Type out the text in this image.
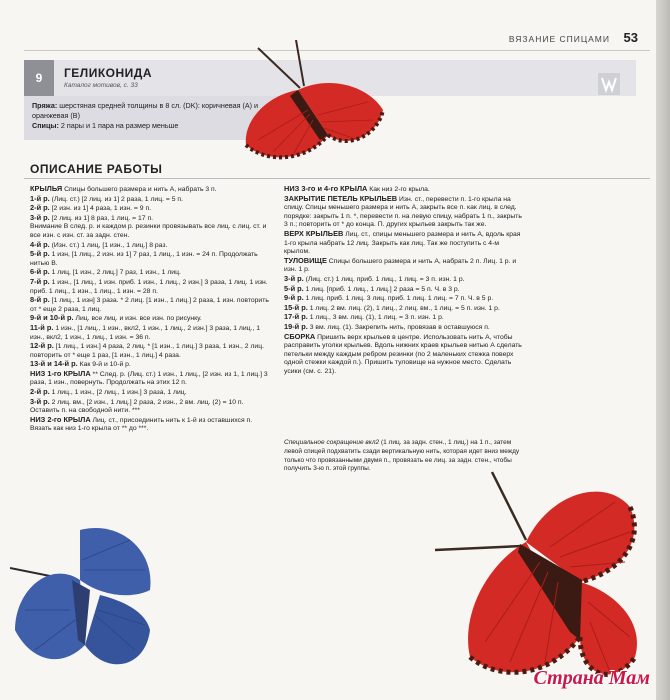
ВЯЗАНИЕ СПИЦАМИ 53
9	ГЕЛИКОНИДА
Каталог мотивов, с. 33
Пряжа: шерстяная средней толщины в 8 сл. (DK): коричневая (А) и оранжевая (В)
Спицы: 2 пары и 1 пара на размер меньше
ОПИСАНИЕ РАБОТЫ

КРЫЛЬЯ Спицы большего размера и нить А, набрать 3 п.

1-й р. (Лиц. ст.) [2 лиц. из 1] 2 раза, 1 лиц. = 5 п.

2-й р. [2 изн. из 1] 4 раза, 1 изн. = 9 п.

3-й р. [2 лиц. из 1] 8 раз, 1 лиц. = 17 п.

Внимание В след. р. и каждом р. резинки провязывать все лиц. с лиц. ст. и все изн. с изн. ст. за задн. стен.

4-й р. (Изн. ст.) 1 лиц, [1 изн., 1 лиц.] 8 раз.

5-й р. 1 изн, [1 лиц., 2 изн. из 1] 7 раз, 1 лиц., 1 изн. = 24 п. Продолжать нитью В.

6-й р. 1 лиц, [1 изн., 2 лиц.] 7 раз, 1 изн., 1 лиц.

7-й р. 1 изн., [1 лиц., 1 изн. приб. 1 изн., 1 лиц., 2 изн.] 3 раза, 1 лиц. 1 изн. приб. 1 лиц., 1 изн., 1 лиц., 1 изн. = 28 п.

8-й р. [1 лиц., 1 изн] 3 раза. * 2 лиц. [1 изн., 1 лиц.] 2 раза, 1 изн. повторить от * еще 2 раза, 1 лиц.

9-й и 10-й р. Лиц. все лиц. и изн. все изн. по рисунку.

11-й р. 1 изн., [1 лиц., 1 изн., вкл2, 1 изн., 1 лиц., 2 изн.] 3 раза, 1 лиц., 1 изн., вкл2, 1 изн., 1 лиц., 1 изн. = 36 п.

12-й р. [1 лиц., 1 изн.] 4 раза, 2 лиц. * [1 изн., 1 лиц.] 3 раза, 1 изн., 2 лиц. повторить от * еще 1 раз, [1 изн., 1 лиц.] 4 раза.

13-й и 14-й р. Как 9-й и 10-й р.

НИЗ 1-го КРЫЛА ** След. р. (Лиц. ст.) 1 изн., 1 лиц., [2 изн. из 1, 1 лиц.] 3 раза, 1 изн., повернуть. Продолжать на этих 12 п.

2-й р. 1 лиц., 1 изн., [2 лиц., 1 изн.] 3 раза, 1 лиц.

3-й р. 2 лиц. вм., [2 изн., 1 лиц.] 2 раза, 2 изн., 2 вм. лиц. (2) = 10 п. Оставить п. на свободной нити. ***

НИЗ 2-го КРЫЛА Лиц. ст., присоединить нить к 1-й из оставшихся п. Вязать как низ 1-го крыла от ** до ***.

НИЗ 3-го и 4-го КРЫЛА Как низ 2-го крыла.

ЗАКРЫТИЕ ПЕТЕЛЬ КРЫЛЬЕВ Изн. ст., перевести п. 1-го крыла на спицу. Спицы меньшего размера и нить А, закрыть все п. как лиц. в след. порядке: закрыть 1 п. *, перевести п. на левую спицу, набрать 1 п., закрыть 3 п.; повторить от * до конца. П. других крыльев закрыть так же.

ВЕРХ КРЫЛЬЕВ Лиц. ст., спицы меньшего размера и нить А, вдоль края 1-го крыла набрать 12 лиц. Закрыть как лиц. Так же поступить с 4-м крылом.

ТУЛОВИЩЕ Спицы большего размера и нить А, набрать 2 п. Лиц. 1 р. и изн. 1 р.

3-й р. (Лиц. ст.) 1 лиц. приб. 1 лиц., 1 лиц. = 3 п. изн. 1 р.

5-й р. 1 лиц. [приб. 1 лиц., 1 лиц.] 2 раза = 5 п. Ч. в 3 р.

9-й р. 1 лиц. приб. 1 лиц. 3 лиц. приб. 1 лиц. 1 лиц. = 7 п. Ч. в 5 р.

15-й р. 1 лиц. 2 вм. лиц. (2), 1 лиц., 2 лиц. вм., 1 лиц. = 5 п. изн. 1 р.

17-й р. 1 лиц., 3 вм. лиц. (1), 1 лиц. = 3 п. изн. 1 р.

19-й р. 3 вм. лиц. (1). Закрепить нить, провязав в оставшуюся п.

СБОРКА Пришить верх крыльев в центре. Использовать нить А, чтобы расправить уголки крыльев. Вдоль нижних краев крыльев нитью А сделать петельки между каждым ребром резинки (по 2 маленьких стежка поверх одной стежки каждой п.). Пришить туловище на нужное место. Сделать усики (см. с. 21).

Специальное сокращение вкл2 (1 лиц. за задн. стен., 1 лиц.) на 1 п., затем левой спицей подхватить сзади вертикальную нить, которая идет вниз между только что провязанными двумя п., провязать ее лиц. за задн. стен., чтобы получить 3-ю п. этой группы.
Страна Мам
